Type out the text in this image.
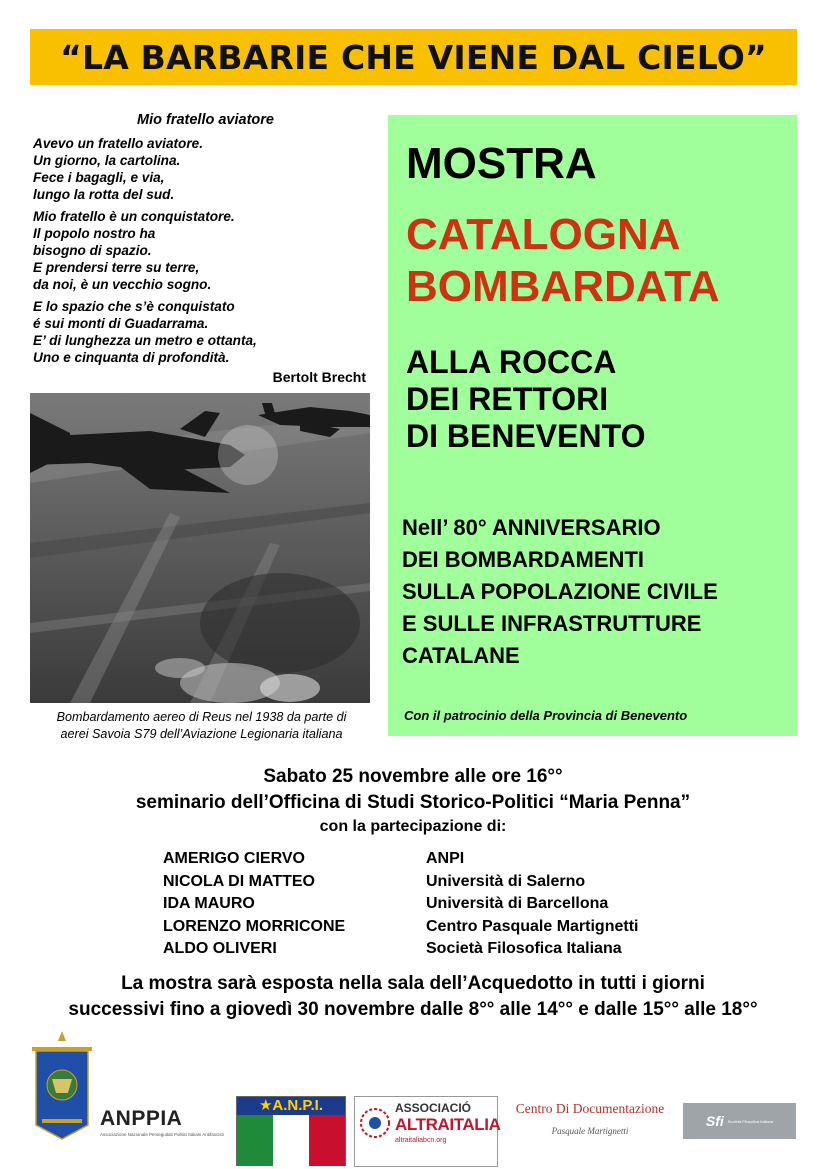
“LA BARBARIE CHE VIENE DAL CIELO”
Mio fratello aviatore
Avevo un fratello aviatore.
Un giorno, la cartolina.
Fece i bagagli, e via,
lungo la rotta del sud.
Mio fratello è un conquistatore.
Il popolo nostro ha
bisogno di spazio.
E prendersi terre su terre,
da noi, è un vecchio sogno.
E lo spazio che s’è conquistato
é sui monti di Guadarrama.
E’ di lunghezza un metro e ottanta,
Uno e cinquanta di profondità.
Bertolt Brecht
Bombardamento aereo di Reus nel 1938 da parte di
aerei Savoia S79 dell’Aviazione Legionaria italiana
MOSTRA
CATALOGNA
BOMBARDATA
ALLA ROCCA
DEI RETTORI
DI BENEVENTO
Nell’ 80° ANNIVERSARIO
DEI BOMBARDAMENTI
SULLA POPOLAZIONE CIVILE
E SULLE INFRASTRUTTURE
CATALANE
Con il patrocinio della Provincia di Benevento
Sabato 25 novembre alle ore 16°°
seminario dell’Officina di Studi Storico-Politici “Maria Penna”
con la partecipazione di:
AMERIGO CIERVO	ANPI
NICOLA DI MATTEO	Università di Salerno
IDA MAURO	Università di Barcellona
LORENZO MORRICONE	Centro Pasquale Martignetti
ALDO OLIVERI	Società Filosofica Italiana
La mostra sarà esposta nella sala dell’Acquedotto in tutti i giorni
successivi fino a giovedì 30 novembre dalle 8°° alle 14°° e dalle 15°° alle 18°°
ANPPIA
Associazione Nazionale Perseguitati Politici Italiani Antifascisti
★A.N.P.I.	ASSOCIACIÓ
ALTRAITALIA
altraitaliabcn.org
Centro Di Documentazione
Pasquale Martignetti
Sfi Società Filosofica Italiana
